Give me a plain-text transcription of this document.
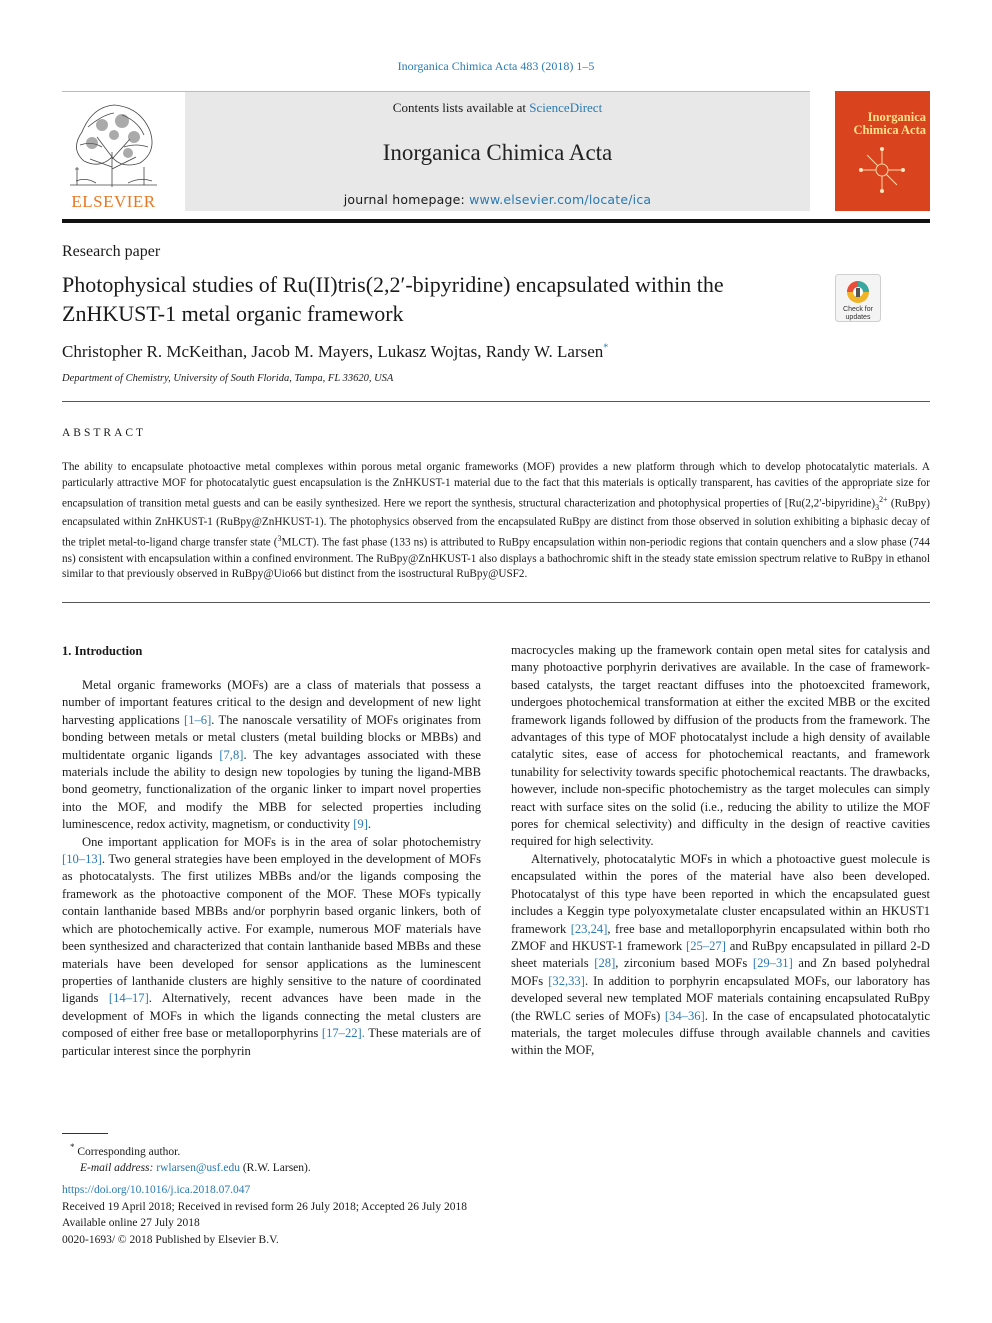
Inorganica Chimica Acta 483 (2018) 1–5
Contents lists available at ScienceDirect
Inorganica Chimica Acta
journal homepage: www.elsevier.com/locate/ica
ELSEVIER
Inorganica Chimica Acta
Research paper
Photophysical studies of Ru(II)tris(2,2′-bipyridine) encapsulated within the ZnHKUST-1 metal organic framework	Check for updates
Christopher R. McKeithan, Jacob M. Mayers, Lukasz Wojtas, Randy W. Larsen*
Department of Chemistry, University of South Florida, Tampa, FL 33620, USA
ABSTRACT
The ability to encapsulate photoactive metal complexes within porous metal organic frameworks (MOF) provides a new platform through which to develop photocatalytic materials. A particularly attractive MOF for photocatalytic guest encapsulation is the ZnHKUST-1 material due to the fact that this materials is optically transparent, has cavities of the appropriate size for encapsulation of transition metal guests and can be easily synthesized. Here we report the synthesis, structural characterization and photophysical properties of [$Ru(2,2'-bipyridine)_3^{2+}$ (RuBpy) encapsulated within ZnHKUST-1 (RuBpy@ZnHKUST-1). The photophysics observed from the encapsulated RuBpy are distinct from those observed in solution exhibiting a biphasic decay of the triplet metal-to-ligand charge transfer state ($^3$MLCT). The fast phase (133 ns) is attributed to RuBpy encapsulation within non-periodic regions that contain quenchers and a slow phase (744 ns) consistent with encapsulation within a confined environment. The RuBpy@ZnHKUST-1 also displays a bathochromic shift in the steady state emission spectrum relative to RuBpy in ethanol similar to that previously observed in RuBpy@Uio66 but distinct from the isostructural RuBpy@USF2.
1. Introduction

Metal organic frameworks (MOFs) are a class of materials that possess a number of important features critical to the design and development of new light harvesting applications [1–6]. The nanoscale versatility of MOFs originates from bonding between metals or metal clusters (metal building blocks or MBBs) and multidentate organic ligands [7,8]. The key advantages associated with these materials include the ability to design new topologies by tuning the ligand-MBB bond geometry, functionalization of the organic linker to impart novel properties into the MOF, and modify the MBB for selected properties including luminescence, redox activity, magnetism, or conductivity [9].

One important application for MOFs is in the area of solar photochemistry [10–13]. Two general strategies have been employed in the development of MOFs as photocatalysts. The first utilizes MBBs and/or the ligands composing the framework as the photoactive component of the MOF. These MOFs typically contain lanthanide based MBBs and/or porphyrin based organic linkers, both of which are photochemically active. For example, numerous MOF materials have been synthesized and characterized that contain lanthanide based MBBs and these materials have been developed for sensor applications as the luminescent properties of lanthanide clusters are highly sensitive to the nature of coordinated ligands [14–17]. Alternatively, recent advances have been made in the development of MOFs in which the ligands connecting the metal clusters are composed of either free base or metalloporphyrins [17–22]. These materials are of particular interest since the porphyrin

macrocycles making up the framework contain open metal sites for catalysis and many photoactive porphyrin derivatives are available. In the case of framework-based catalysts, the target reactant diffuses into the photoexcited framework, undergoes photochemical transformation at either the excited MBB or the excited framework ligands followed by diffusion of the products from the framework. The advantages of this type of MOF photocatalyst include a high density of available catalytic sites, ease of access for photochemical reactants, and framework tunability for selectivity towards specific photochemical reactants. The drawbacks, however, include non-specific photochemistry as the target molecules can simply react with surface sites on the solid (i.e., reducing the ability to utilize the MOF pores for chemical selectivity) and difficulty in the design of reactive cavities required for high selectivity.

Alternatively, photocatalytic MOFs in which a photoactive guest molecule is encapsulated within the pores of the material have also been developed. Photocatalyst of this type have been reported in which the encapsulated guest includes a Keggin type polyoxymetalate cluster encapsulated within an HKUST1 framework [23,24], free base and metalloporphyrin encapsulated within both rho ZMOF and HKUST-1 framework [25–27] and RuBpy encapsulated in pillard 2-D sheet materials [28], zirconium based MOFs [29–31] and Zn based polyhedral MOFs [32,33]. In addition to porphyrin encapsulated MOFs, our laboratory has developed several new templated MOF materials containing encapsulated RuBpy (the RWLC series of MOFs) [34–36]. In the case of encapsulated photocatalytic materials, the target molecules diffuse through available channels and cavities within the MOF,

* Corresponding author.
E-mail address: rwlarsen@usf.edu (R.W. Larsen).
https://doi.org/10.1016/j.ica.2018.07.047
Received 19 April 2018; Received in revised form 26 July 2018; Accepted 26 July 2018
Available online 27 July 2018
0020-1693/ © 2018 Published by Elsevier B.V.
